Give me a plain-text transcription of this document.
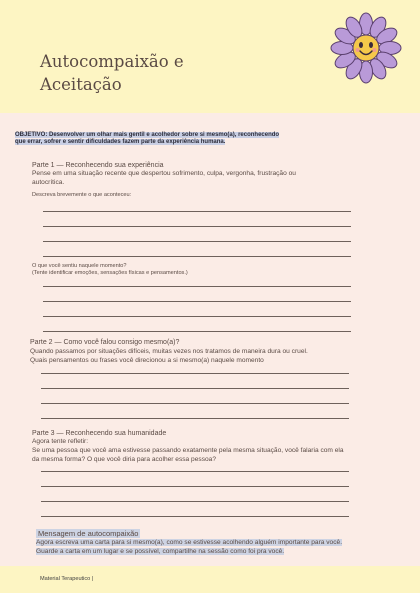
Autocompaixão e
Aceitação
OBJETIVO: Desenvolver um olhar mais gentil e acolhedor sobre si mesmo(a), reconhecendo
que errar, sofrer e sentir dificuldades fazem parte da experiência humana.
Parte 1 — Reconhecendo sua experiência
Pense em uma situação recente que despertou sofrimento, culpa, vergonha, frustração ou
autocrítica.
Descreva brevemente o que aconteceu:
O que você sentiu naquele momento?
(Tente identificar emoções, sensações físicas e pensamentos.)
Parte 2 — Como você falou consigo mesmo(a)?
Quando passamos por situações difíceis, muitas vezes nos tratamos de maneira dura ou cruel.
Quais pensamentos ou frases você direcionou a si mesmo(a) naquele momento
Parte 3 — Reconhecendo sua humanidade
Agora tente refletir:
Se uma pessoa que você ama estivesse passando exatamente pela mesma situação, você falaria com ela
da mesma forma? O que você diria para acolher essa pessoa?
Mensagem de autocompaixão
Agora escreva uma carta para si mesmo(a), como se estivesse acolhendo alguém importante para você.
Guarde a carta em um lugar e se possível, compartilhe na sessão como foi pra você.
Material Terapeutico |
